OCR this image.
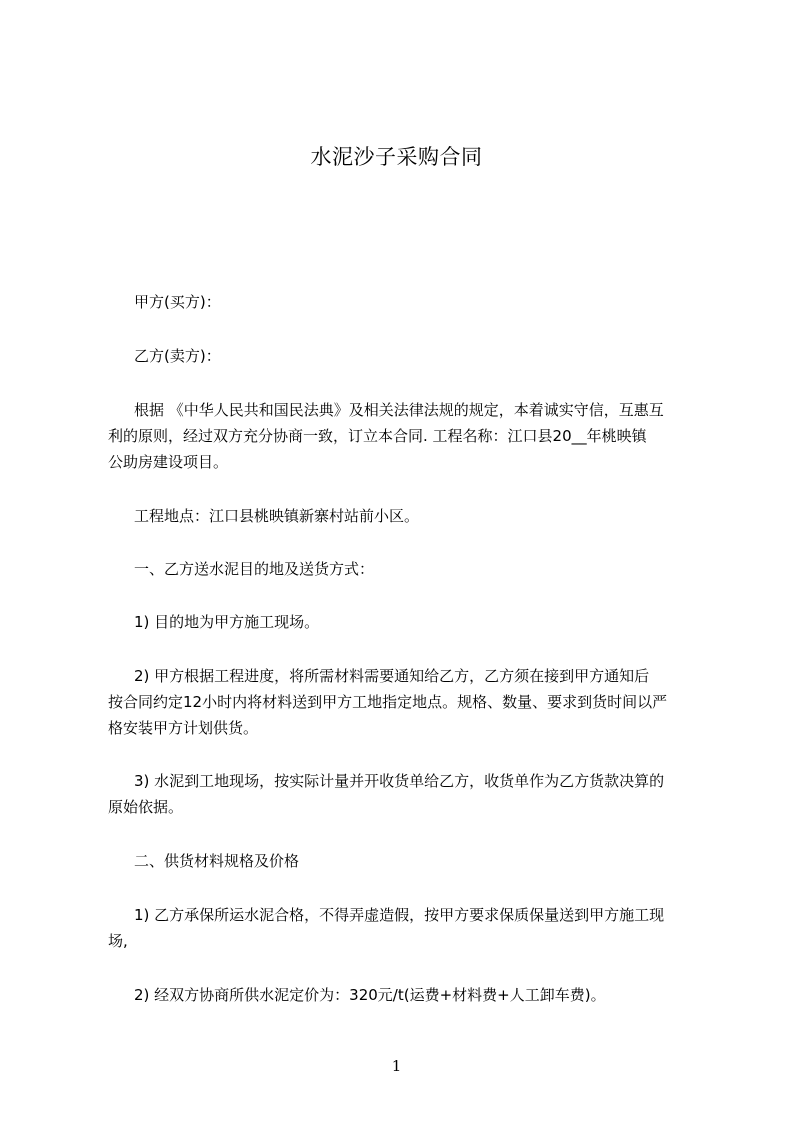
水泥沙子采购合同
甲方(买方)：
乙方(卖方)：
根据 《中华人民共和国民法典》及相关法律法规的规定，本着诚实守信，互惠互
利的原则，经过双方充分协商一致，订立本合同. 工程名称：江口县20__年桃映镇
公助房建设项目。
工程地点：江口县桃映镇新寨村站前小区。
一、乙方送水泥目的地及送货方式：
1) 目的地为甲方施工现场。
2) 甲方根据工程进度，将所需材料需要通知给乙方，乙方须在接到甲方通知后
按合同约定12小时内将材料送到甲方工地指定地点。规格、数量、要求到货时间以严
格安装甲方计划供货。
3) 水泥到工地现场，按实际计量并开收货单给乙方，收货单作为乙方货款决算的
原始依据。
二、供货材料规格及价格
1) 乙方承保所运水泥合格，不得弄虚造假，按甲方要求保质保量送到甲方施工现
场,
2) 经双方协商所供水泥定价为：320元/t(运费+材料费+人工卸车费)。
1
